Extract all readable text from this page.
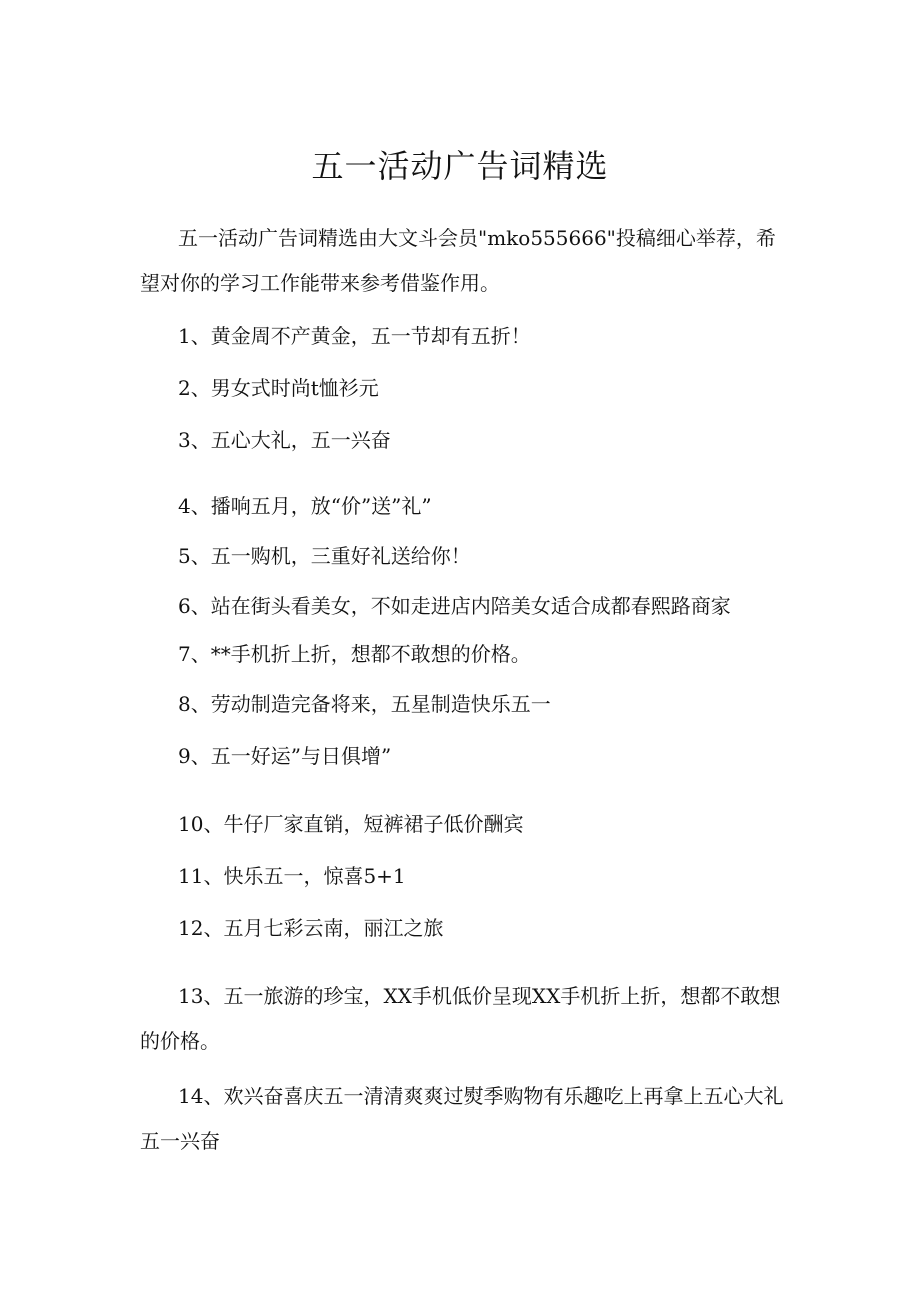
五一活动广告词精选

五一活动广告词精选由大文斗会员"mko555666"投稿细心举荐，希望对你的学习工作能带来参考借鉴作用。

1、黄金周不产黄金，五一节却有五折！
2、男女式时尚t恤衫元
3、五心大礼，五一兴奋
4、播响五月，放“价”送”礼”
5、五一购机，三重好礼送给你！
6、站在街头看美女，不如走进店内陪美女适合成都春熙路商家
7、**手机折上折，想都不敢想的价格。
8、劳动制造完备将来，五星制造快乐五一
9、五一好运”与日俱增”
10、牛仔厂家直销，短裤裙子低价酬宾
11、快乐五一，惊喜5+1
12、五月七彩云南，丽江之旅

13、五一旅游的珍宝，XX手机低价呈现XX手机折上折，想都不敢想的价格。

14、欢兴奋喜庆五一清清爽爽过熨季购物有乐趣吃上再拿上五心大礼五一兴奋
